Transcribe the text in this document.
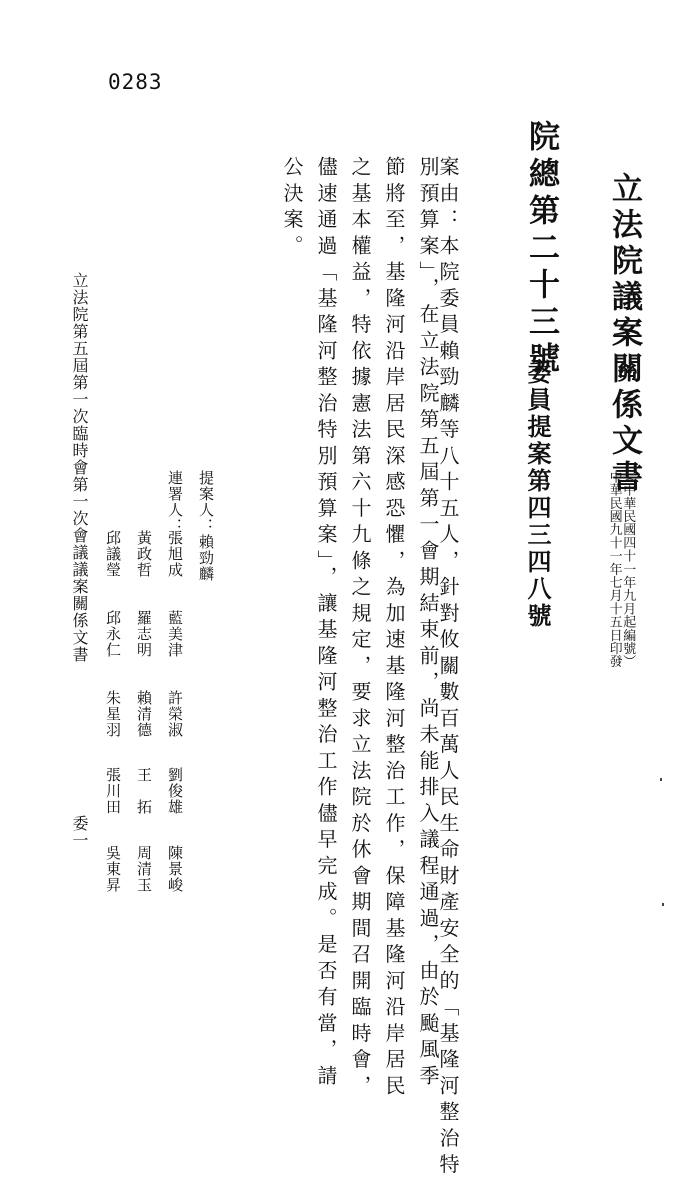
0283
立法院議案關係文書
（中華民國四十一年九月起編號）
中華民國九十一年七月十五日印發
院總第二十三號
委員提案第四三四八號
案由：本院委員賴勁麟等八十五人，針對攸關數百萬人民生命財產安全的「基隆河整治特
別預算案」，在立法院第五屆第一會期結束前，尚未能排入議程通過，由於颱風季
節將至，基隆河沿岸居民深感恐懼，為加速基隆河整治工作，保障基隆河沿岸居民
之基本權益，特依據憲法第六十九條之規定，要求立法院於休會期間召開臨時會，
儘速通過「基隆河整治特別預算案」，讓基隆河整治工作儘早完成。是否有當，請
公決案。
提案人：賴勁麟
連署人：
張旭成
藍美津
許榮淑
劉俊雄
陳景峻
黃政哲
羅志明
賴清德
王　拓
周清玉
邱議瑩
邱永仁
朱星羽
張川田
吳東昇
立法院第五屆第一次臨時會第一次會議議案關係文書
委一
